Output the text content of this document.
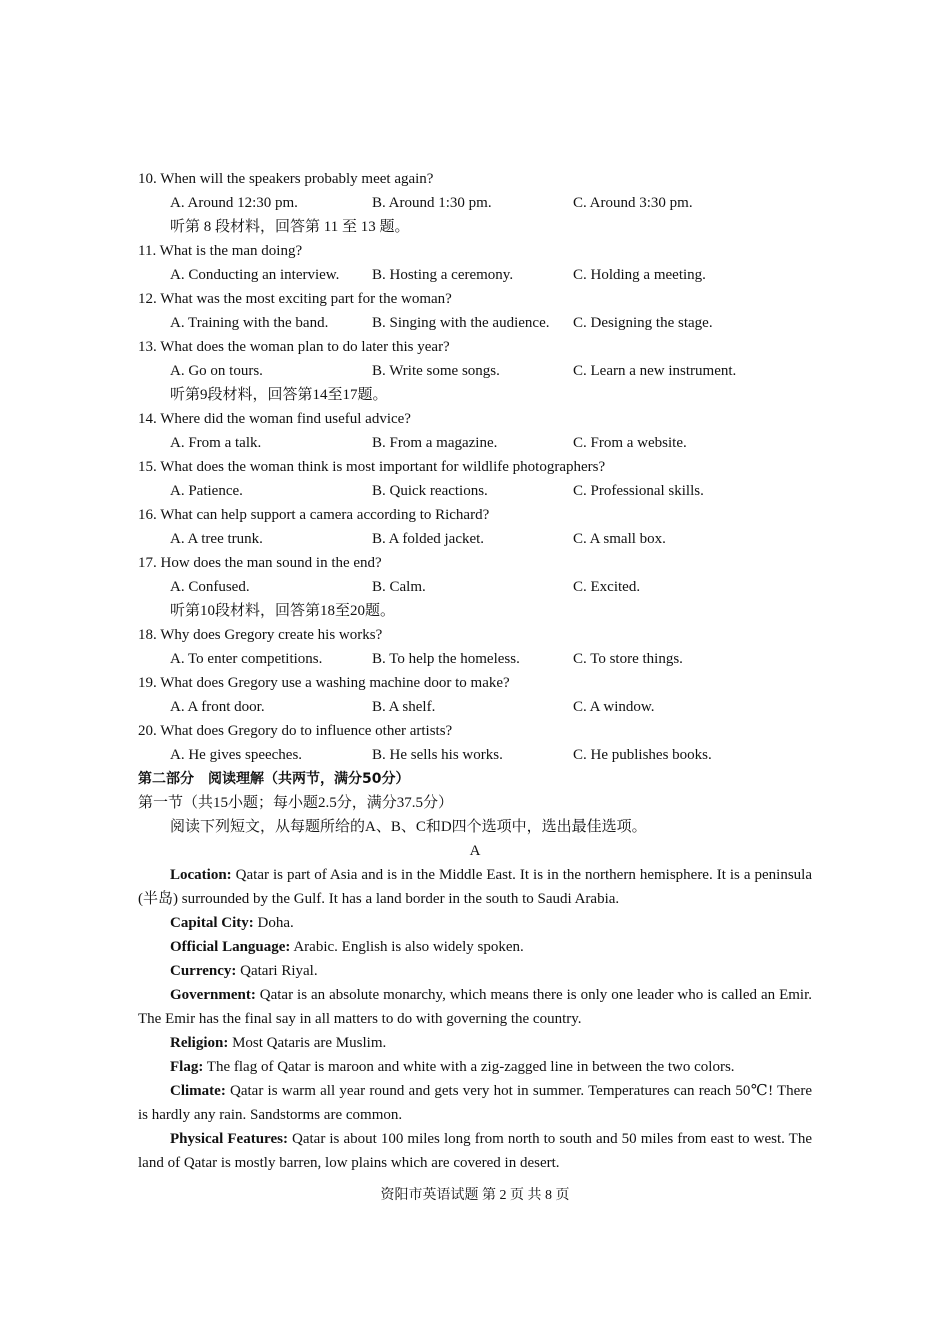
10. When will the speakers probably meet again?
A. Around 12:30 pm.	B. Around 1:30 pm.	C. Around 3:30 pm.
听第 8 段材料，回答第 11 至 13 题。
11. What is the man doing?
A. Conducting an interview. B. Hosting a ceremony.	C. Holding a meeting.
12. What was the most exciting part for the woman?
A. Training with the band.	B. Singing with the audience. C. Designing the stage.
13. What does the woman plan to do later this year?
A. Go on tours.	B. Write some songs.	C. Learn a new instrument.
听第9段材料，回答第14至17题。
14. Where did the woman find useful advice?
A. From a talk.	B. From a magazine.	C. From a website.
15. What does the woman think is most important for wildlife photographers?
A. Patience.	B. Quick reactions.	C. Professional skills.
16. What can help support a camera according to Richard?
A. A tree trunk.	B. A folded jacket.	C. A small box.
17. How does the man sound in the end?
A. Confused.	B. Calm.	C. Excited.
听第10段材料，回答第18至20题。
18. Why does Gregory create his works?
A. To enter competitions.	B. To help the homeless.	C. To store things.
19. What does Gregory use a washing machine door to make?
A. A front door.	B. A shelf.	C. A window.
20. What does Gregory do to influence other artists?
A. He gives speeches.	B. He sells his works.	C. He publishes books.
第二部分　阅读理解（共两节，满分50分）
第一节（共15小题；每小题2.5分，满分37.5分）
阅读下列短文，从每题所给的A、B、C和D四个选项中，选出最佳选项。
A

Location: Qatar is part of Asia and is in the Middle East. It is in the northern hemisphere. It is a peninsula (半岛) surrounded by the Gulf. It has a land border in the south to Saudi Arabia.

Capital City: Doha.

Official Language: Arabic. English is also widely spoken.

Currency: Qatari Riyal.

Government: Qatar is an absolute monarchy, which means there is only one leader who is called an Emir. The Emir has the final say in all matters to do with governing the country.

Religion: Most Qataris are Muslim.

Flag: The flag of Qatar is maroon and white with a zig-zagged line in between the two colors.

Climate: Qatar is warm all year round and gets very hot in summer. Temperatures can reach 50℃! There is hardly any rain. Sandstorms are common.

Physical Features: Qatar is about 100 miles long from north to south and 50 miles from east to west. The land of Qatar is mostly barren, low plains which are covered in desert.

资阳市英语试题 第 2 页 共 8 页
